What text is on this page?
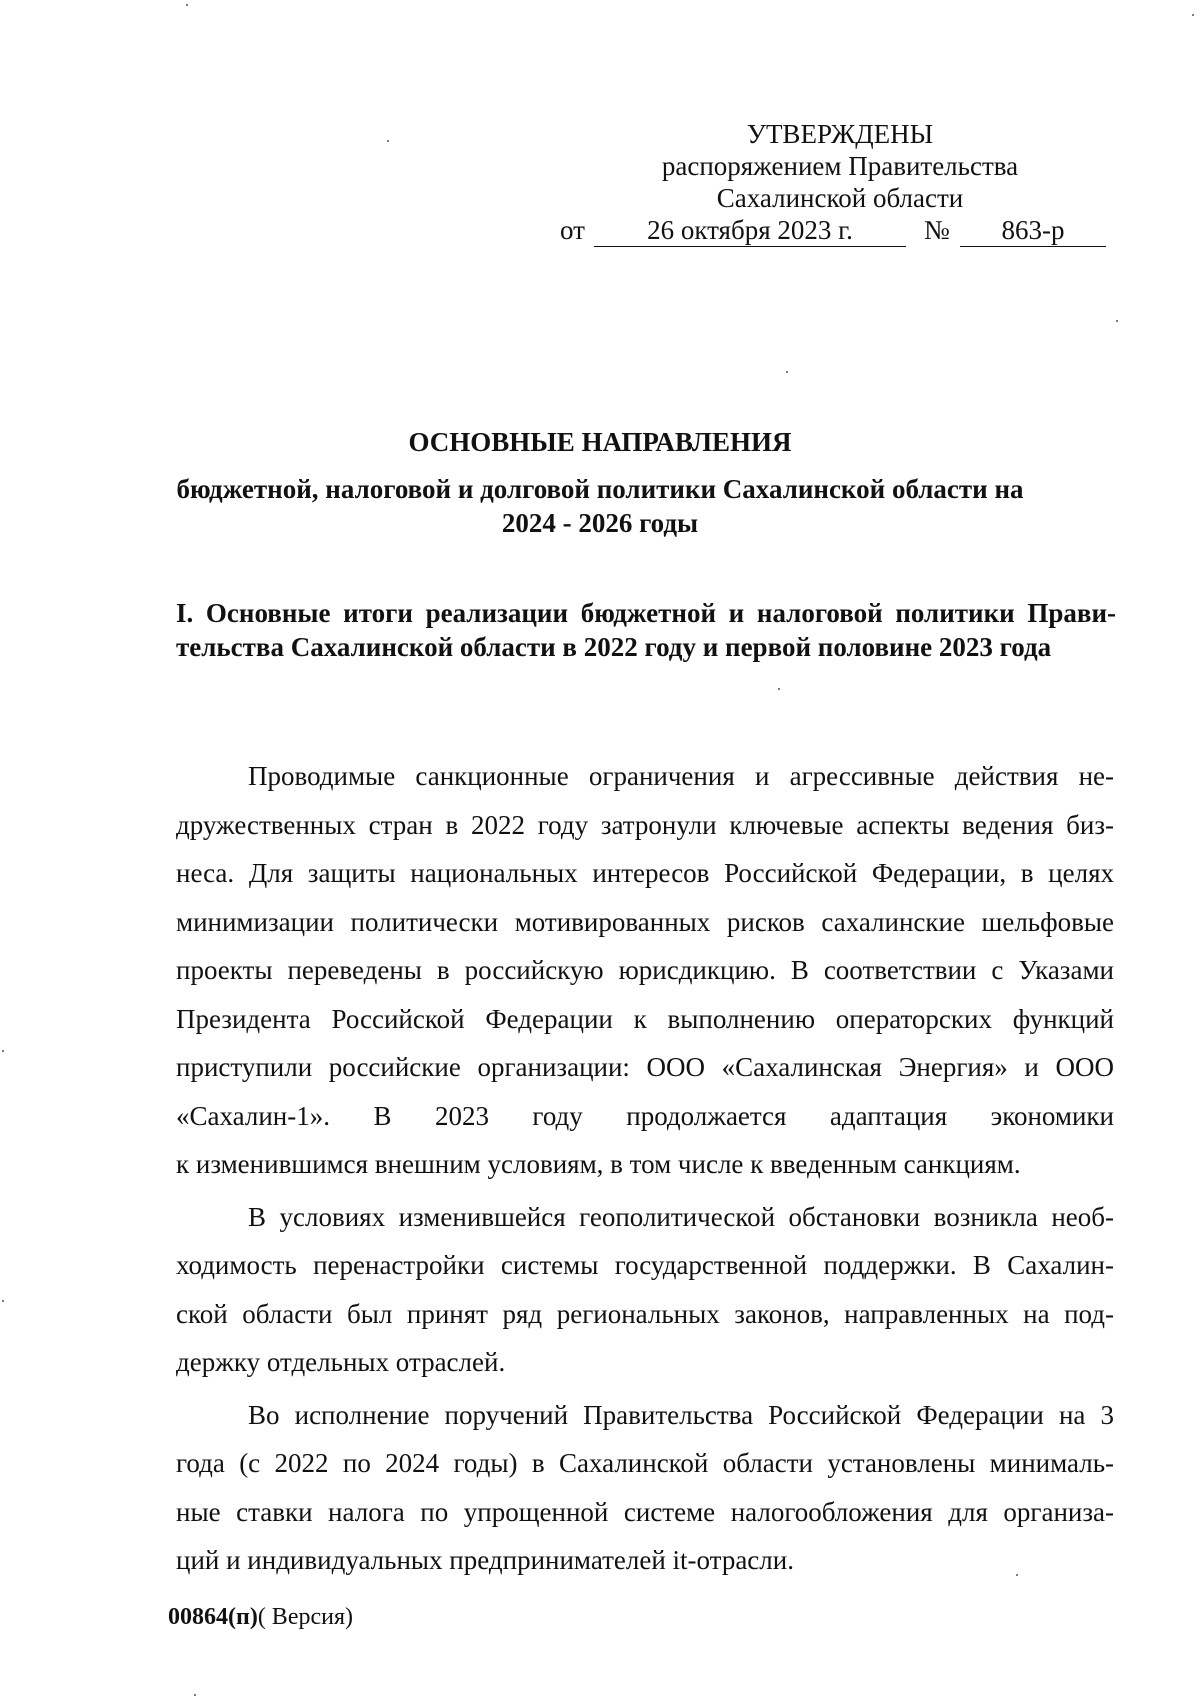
УТВЕРЖДЕНЫ
распоряжением Правительства
Сахалинской области
от	26 октября 2023 г.	№	863-р
ОСНОВНЫЕ НАПРАВЛЕНИЯ
бюджетной, налоговой и долговой политики Сахалинской области на
2024 - 2026 годы
I. Основные итоги реализации бюджетной и налоговой политики Прави-
тельства Сахалинской области в 2022 году и первой половине 2023 года

Проводимые санкционные ограничения и агрессивные действия не-
дружественных стран в 2022 году затронули ключевые аспекты ведения биз-
неса. Для защиты национальных интересов Российской Федерации, в целях
минимизации политически мотивированных рисков сахалинские шельфовые
проекты переведены в российскую юрисдикцию. В соответствии с Указами
Президента Российской Федерации к выполнению операторских функций
приступили российские организации: ООО «Сахалинская Энергия» и ООО
«Сахалин-1». В 2023 году продолжается адаптация экономики
к изменившимся внешним условиям, в том числе к введенным санкциям.

В условиях изменившейся геополитической обстановки возникла необ-
ходимость перенастройки системы государственной поддержки. В Сахалин-
ской области был принят ряд региональных законов, направленных на под-
держку отдельных отраслей.

Во исполнение поручений Правительства Российской Федерации на 3
года (с 2022 по 2024 годы) в Сахалинской области установлены минималь-
ные ставки налога по упрощенной системе налогообложения для организа-
ций и индивидуальных предпринимателей it-отрасли.

00864(п)( Версия)
